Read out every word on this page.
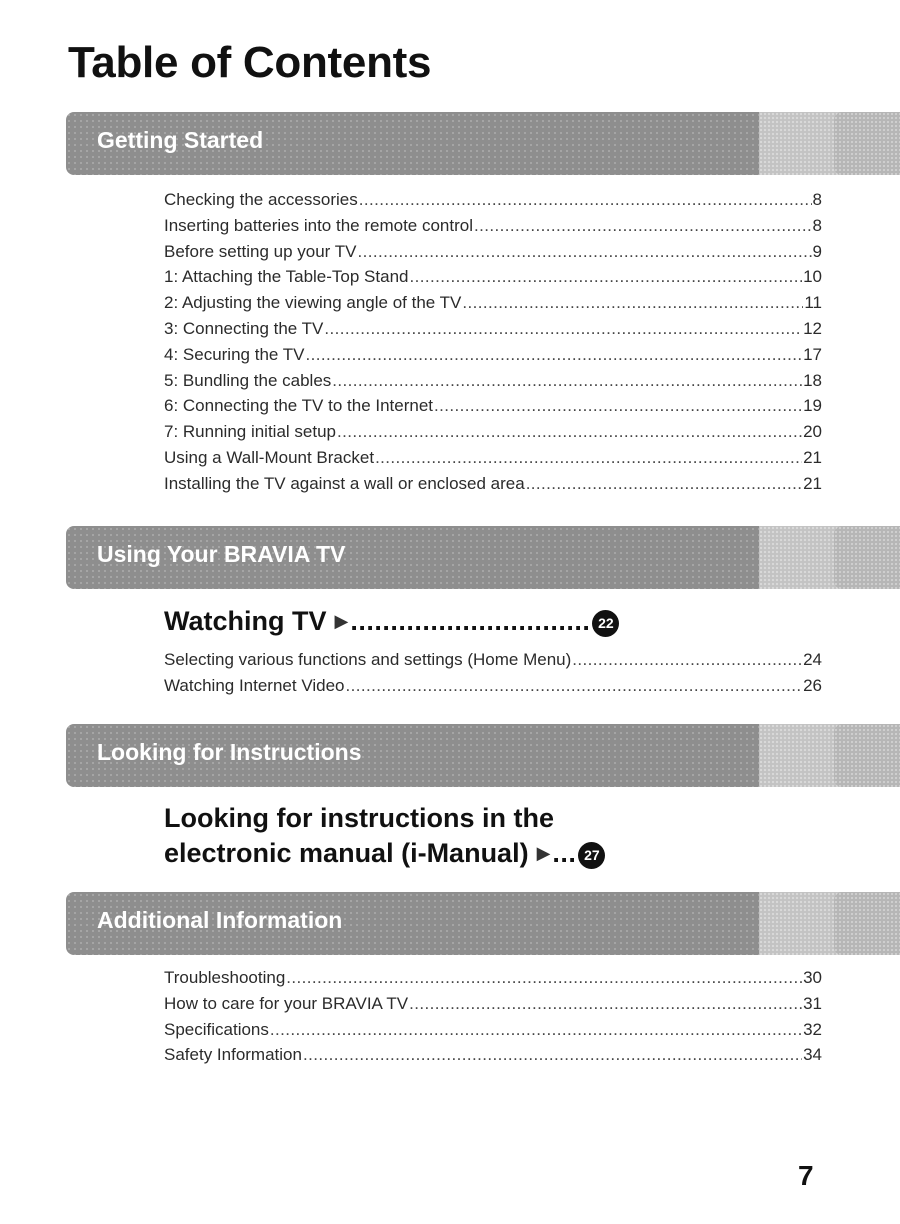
Table of Contents
Getting Started
Checking the accessories .....	8
Inserting batteries into the remote control .....	8
Before setting up your TV .....	9
1: Attaching the Table-Top Stand .....	10
2: Adjusting the viewing angle of the TV .....	11
3: Connecting the TV .....	12
4: Securing the TV .....	17
5: Bundling the cables .....	18
6: Connecting the TV to the Internet .....	19
7: Running initial setup .....	20
Using a Wall-Mount Bracket .....	21
Installing the TV against a wall or enclosed area .....	21
Using Your BRAVIA TV
Watching TV ▶.............................. 22
Selecting various functions and settings (Home Menu) .....	24
Watching Internet Video .....	26
Looking for Instructions
Looking for instructions in the
electronic manual (i-Manual) ▶... 27
Additional Information
Troubleshooting .....	30
How to care for your BRAVIA TV .....	31
Specifications .....	32
Safety Information .....	34
7
